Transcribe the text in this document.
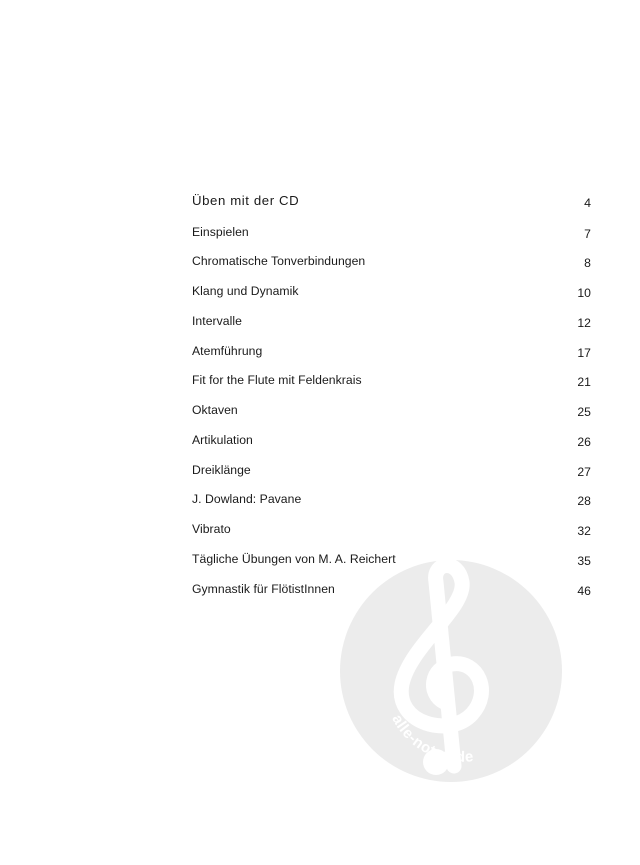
alle-noten.de
Üben mit der CD	4
Einspielen	7
Chromatische Tonverbindungen	8
Klang und Dynamik	10
Intervalle	12
Atemführung	17
Fit for the Flute mit Feldenkrais	21
Oktaven	25
Artikulation	26
Dreiklänge	27
J. Dowland: Pavane	28
Vibrato	32
Tägliche Übungen von M. A. Reichert	35
Gymnastik für FlötistInnen	46
